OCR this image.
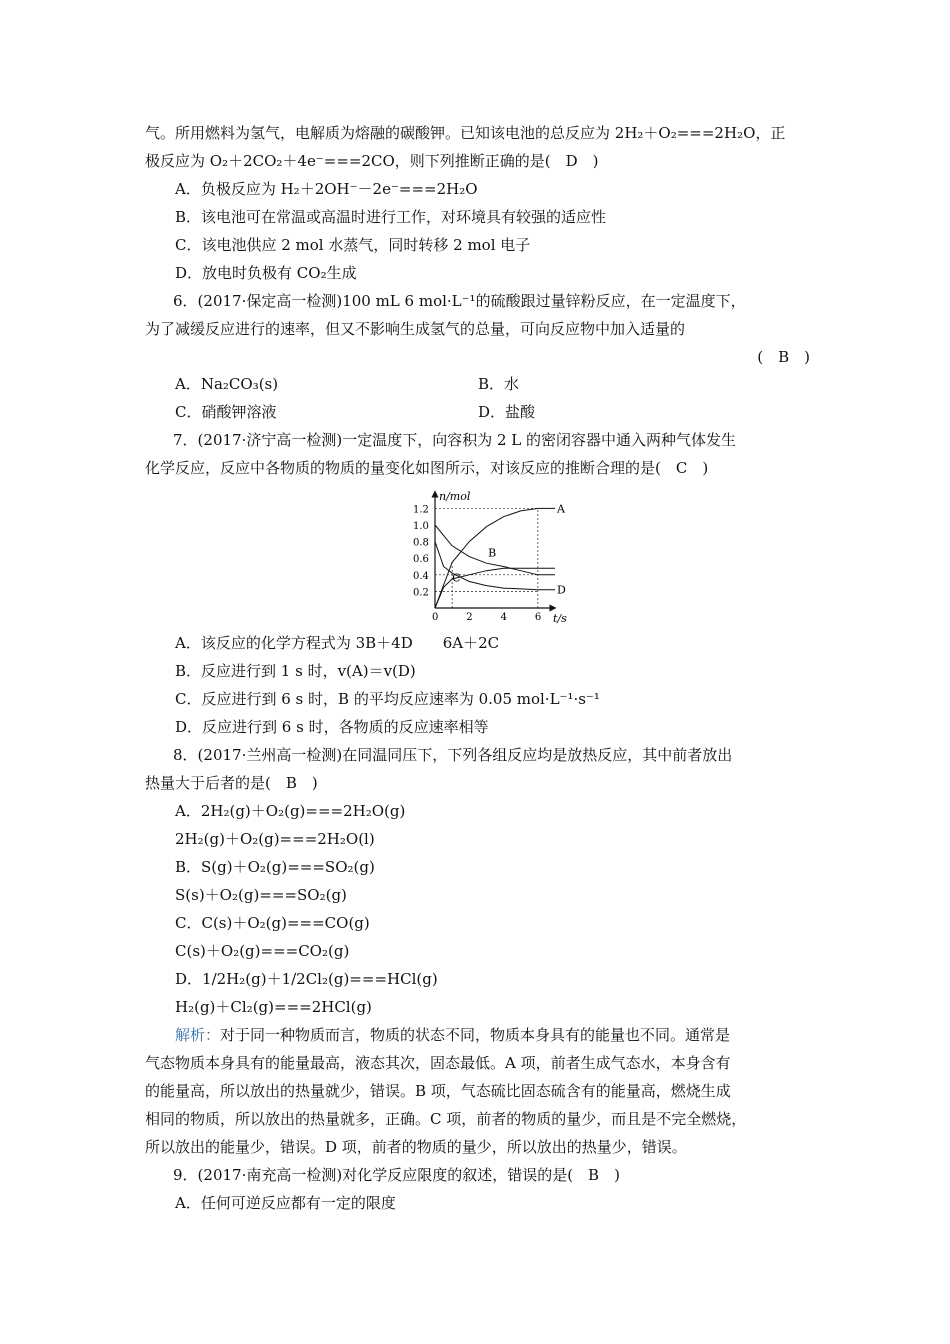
气。所用燃料为氢气，电解质为熔融的碳酸钾。已知该电池的总反应为 2H₂＋O₂===2H₂O，正
极反应为 O₂＋2CO₂＋4e⁻===2CO，则下列推断正确的是(　 D　)
A．负极反应为 H₂＋2OH⁻－2e⁻===2H₂O
B．该电池可在常温或高温时进行工作，对环境具有较强的适应性
C．该电池供应 2 mol 水蒸气，同时转移 2 mol 电子
D．放电时负极有 CO₂生成
6．(2017·保定高一检测)100 mL 6 mol·L⁻¹的硫酸跟过量锌粉反应，在一定温度下，
为了减缓反应进行的速率，但又不影响生成氢气的总量，可向反应物中加入适量的
(　B　)
A．Na₂CO₃(s)	B．水
C．硝酸钾溶液	D．盐酸
7．(2017·济宁高一检测)一定温度下，向容积为 2 L 的密闭容器中通入两种气体发生
化学反应，反应中各物质的物质的量变化如图所示，对该反应的推断合理的是(　C　)
n/mol
t/s
0	2	4	6
0.2
0.4
0.6
0.8
1.0
1.2	A
B
C
D
A．该反应的化学方程式为 3B＋4D　　6A＋2C
B．反应进行到 1 s 时，v(A)＝v(D)
C．反应进行到 6 s 时，B 的平均反应速率为 0.05 mol·L⁻¹·s⁻¹
D．反应进行到 6 s 时，各物质的反应速率相等
8．(2017·兰州高一检测)在同温同压下，下列各组反应均是放热反应，其中前者放出
热量大于后者的是(　B　)
A．2H₂(g)＋O₂(g)===2H₂O(g)
2H₂(g)＋O₂(g)===2H₂O(l)
B．S(g)＋O₂(g)===SO₂(g)
S(s)＋O₂(g)===SO₂(g)
C．C(s)＋O₂(g)===CO(g)
C(s)＋O₂(g)===CO₂(g)
D．1/2H₂(g)＋1/2Cl₂(g)===HCl(g)
H₂(g)＋Cl₂(g)===2HCl(g)
解析：对于同一种物质而言，物质的状态不同，物质本身具有的能量也不同。通常是
气态物质本身具有的能量最高，液态其次，固态最低。A 项，前者生成气态水，本身含有
的能量高，所以放出的热量就少，错误。B 项，气态硫比固态硫含有的能量高，燃烧生成
相同的物质，所以放出的热量就多，正确。C 项，前者的物质的量少，而且是不完全燃烧，
所以放出的能量少，错误。D 项，前者的物质的量少，所以放出的热量少，错误。
9．(2017·南充高一检测)对化学反应限度的叙述，错误的是(　B　)
A．任何可逆反应都有一定的限度
